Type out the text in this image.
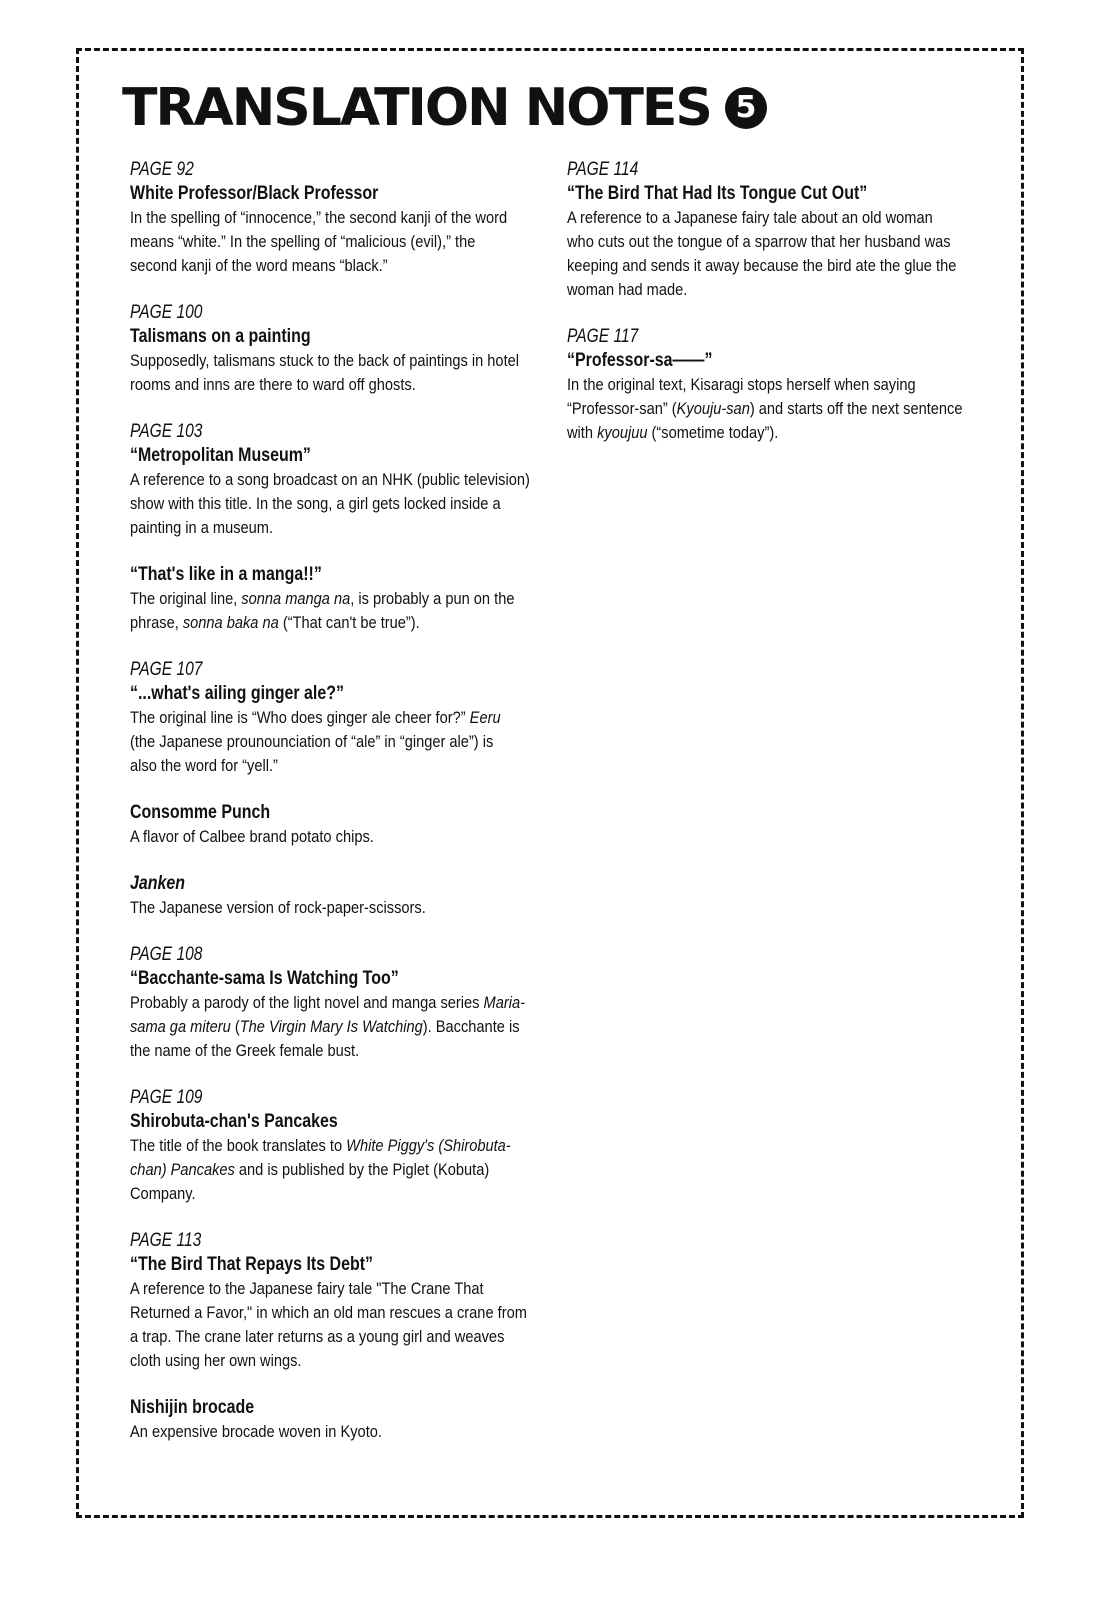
TRANSLATION NOTES 5
PAGE 92
White Professor/Black Professor

In the spelling of “innocence,” the second kanji of the word

means “white.” In the spelling of “malicious (evil),” the

second kanji of the word means “black.”

PAGE 100
Talismans on a painting

Supposedly, talismans stuck to the back of paintings in hotel

rooms and inns are there to ward off ghosts.

PAGE 103
“Metropolitan Museum”

A reference to a song broadcast on an NHK (public television)

show with this title. In the song, a girl gets locked inside a

painting in a museum.

“That's like in a manga!!”

The original line, sonna manga na, is probably a pun on the

phrase, sonna baka na (“That can't be true”).

PAGE 107
“...what's ailing ginger ale?”

The original line is “Who does ginger ale cheer for?” Eeru

(the Japanese prounounciation of “ale” in “ginger ale”) is

also the word for “yell.”

Consomme Punch

A flavor of Calbee brand potato chips.

Janken

The Japanese version of rock-paper-scissors.

PAGE 108
“Bacchante-sama Is Watching Too”

Probably a parody of the light novel and manga series Maria-

sama ga miteru (The Virgin Mary Is Watching). Bacchante is

the name of the Greek female bust.

PAGE 109
Shirobuta-chan's Pancakes

The title of the book translates to White Piggy's (Shirobuta-

chan) Pancakes and is published by the Piglet (Kobuta)

Company.

PAGE 113
“The Bird That Repays Its Debt”

A reference to the Japanese fairy tale "The Crane That

Returned a Favor," in which an old man rescues a crane from

a trap. The crane later returns as a young girl and weaves

cloth using her own wings.

Nishijin brocade

An expensive brocade woven in Kyoto.

PAGE 114
“The Bird That Had Its Tongue Cut Out”

A reference to a Japanese fairy tale about an old woman

who cuts out the tongue of a sparrow that her husband was

keeping and sends it away because the bird ate the glue the

woman had made.

PAGE 117
“Professor-sa——”

In the original text, Kisaragi stops herself when saying

“Professor-san” (Kyouju-san) and starts off the next sentence

with kyoujuu (“sometime today”).
